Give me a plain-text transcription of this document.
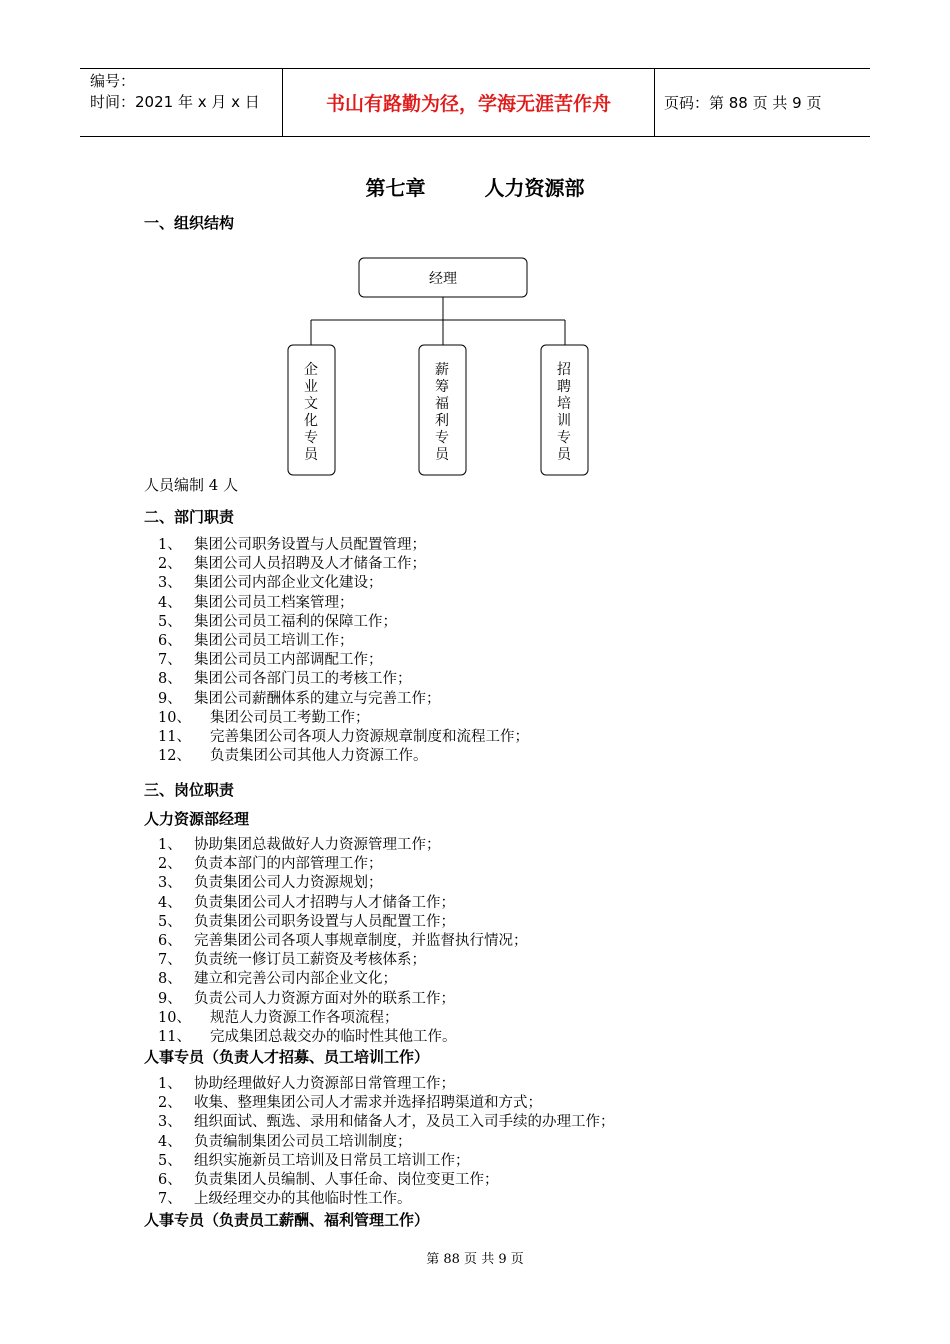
编号：
时间：2021 年 x 月 x 日	书山有路勤为径，学海无涯苦作舟	页码：第 88 页 共 9 页
第七章	人力资源部
一、组织结构
经理
企
业
文
化
专
员
薪
筹
福
利
专
员
招
聘
培
训
专
员
人员编制 4 人
二、部门职责
1、 集团公司职务设置与人员配置管理；
2、 集团公司人员招聘及人才储备工作；
3、 集团公司内部企业文化建设；
4、 集团公司员工档案管理；
5、 集团公司员工福利的保障工作；
6、 集团公司员工培训工作；
7、 集团公司员工内部调配工作；
8、 集团公司各部门员工的考核工作；
9、 集团公司薪酬体系的建立与完善工作；
10、 集团公司员工考勤工作；
11、 完善集团公司各项人力资源规章制度和流程工作；
12、 负责集团公司其他人力资源工作。
三、岗位职责
人力资源部经理
1、 协助集团总裁做好人力资源管理工作；
2、 负责本部门的内部管理工作；
3、 负责集团公司人力资源规划；
4、 负责集团公司人才招聘与人才储备工作；
5、 负责集团公司职务设置与人员配置工作；
6、 完善集团公司各项人事规章制度，并监督执行情况；
7、 负责统一修订员工薪资及考核体系；
8、 建立和完善公司内部企业文化；
9、 负责公司人力资源方面对外的联系工作；
10、 规范人力资源工作各项流程；
11、 完成集团总裁交办的临时性其他工作。
人事专员（负责人才招募、员工培训工作）
1、 协助经理做好人力资源部日常管理工作；
2、 收集、整理集团公司人才需求并选择招聘渠道和方式；
3、 组织面试、甄选、录用和储备人才，及员工入司手续的办理工作；
4、 负责编制集团公司员工培训制度；
5、 组织实施新员工培训及日常员工培训工作；
6、 负责集团人员编制、人事任命、岗位变更工作；
7、 上级经理交办的其他临时性工作。
人事专员（负责员工薪酬、福利管理工作）
第 88 页 共 9 页
